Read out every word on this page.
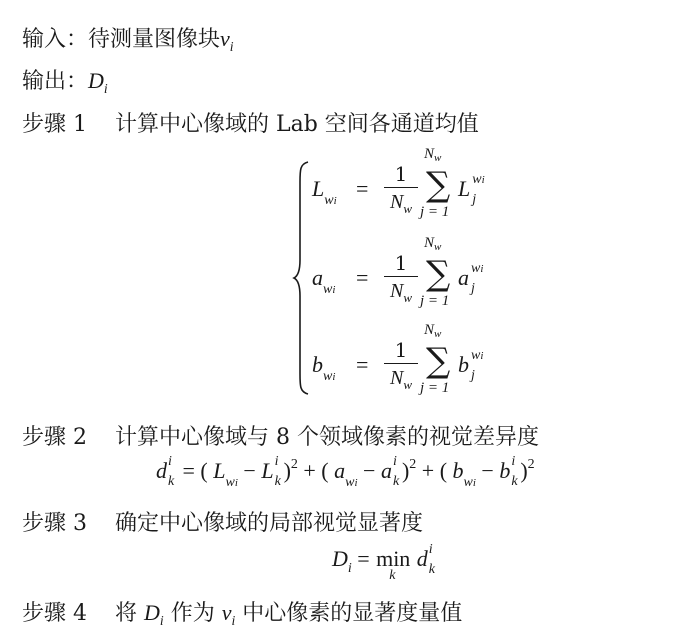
输入：待测量图像块$v_i$
输出：$D_i$
步骤 1 计算中心像域的 Lab 空间各通道均值
$L_{wi} = \frac{1}{N_w}$
$N_w$
∑
j = 1
L wi
j
$a_{wi} = \frac{1}{N_w}$
$N_w$
∑
j = 1
a wi
j
$b_{wi} = \frac{1}{N_w}$
$N_w$
∑
j = 1
b wi
j
步骤 2 计算中心像域与 8 个领域像素的视觉差异度
d i
k = ( $L_{wi} - L$ i
k )$^2$ + ( $a_{wi} - a$ i
k )$^2$ + ( $b_{wi} - b$ i
k )$^2$
步骤 3 确定中心像域的局部视觉显著度
$D_i = \min$
k
d i
k
步骤 4 将 $D_i$ 作为 $v_i$ 中心像素的显著度量值
